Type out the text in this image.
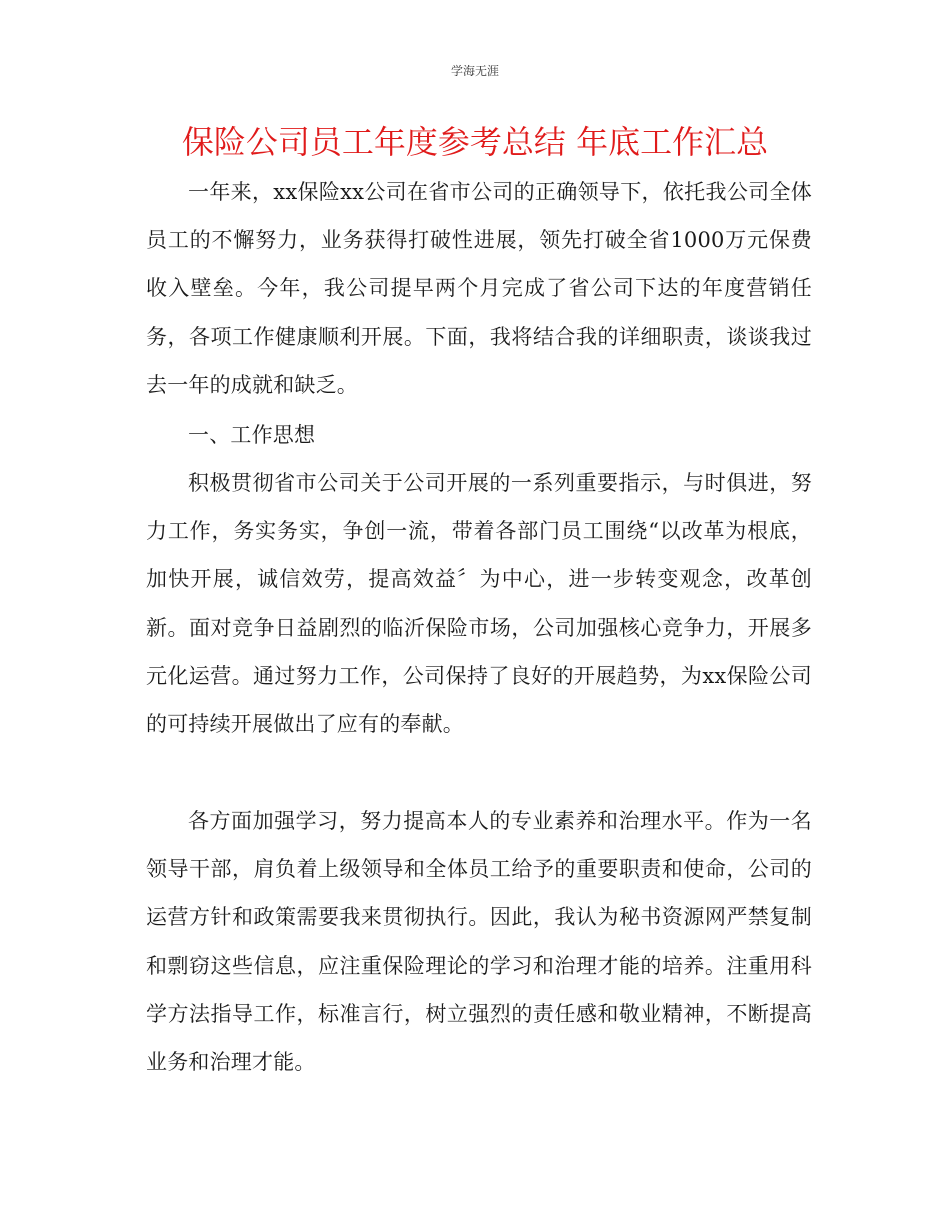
学海无涯
保险公司员工年度参考总结 年底工作汇总

一年来，xx保险xx公司在省市公司的正确领导下，依托我公司全体员工的不懈努力，业务获得打破性进展，领先打破全省1000万元保费收入壁垒。今年，我公司提早两个月完成了省公司下达的年度营销任务，各项工作健康顺利开展。下面，我将结合我的详细职责，谈谈我过去一年的成就和缺乏。

一、工作思想

积极贯彻省市公司关于公司开展的一系列重要指示，与时俱进，努力工作，务实务实，争创一流，带着各部门员工围绕“以改革为根底，加快开展，诚信效劳，提高效益〞为中心，进一步转变观念，改革创新。面对竞争日益剧烈的临沂保险市场，公司加强核心竞争力，开展多元化运营。通过努力工作，公司保持了良好的开展趋势，为xx保险公司的可持续开展做出了应有的奉献。

各方面加强学习，努力提高本人的专业素养和治理水平。作为一名领导干部，肩负着上级领导和全体员工给予的重要职责和使命，公司的运营方针和政策需要我来贯彻执行。因此，我认为秘书资源网严禁复制和剽窃这些信息，应注重保险理论的学习和治理才能的培养。注重用科学方法指导工作，标准言行，树立强烈的责任感和敬业精神，不断提高业务和治理才能。
